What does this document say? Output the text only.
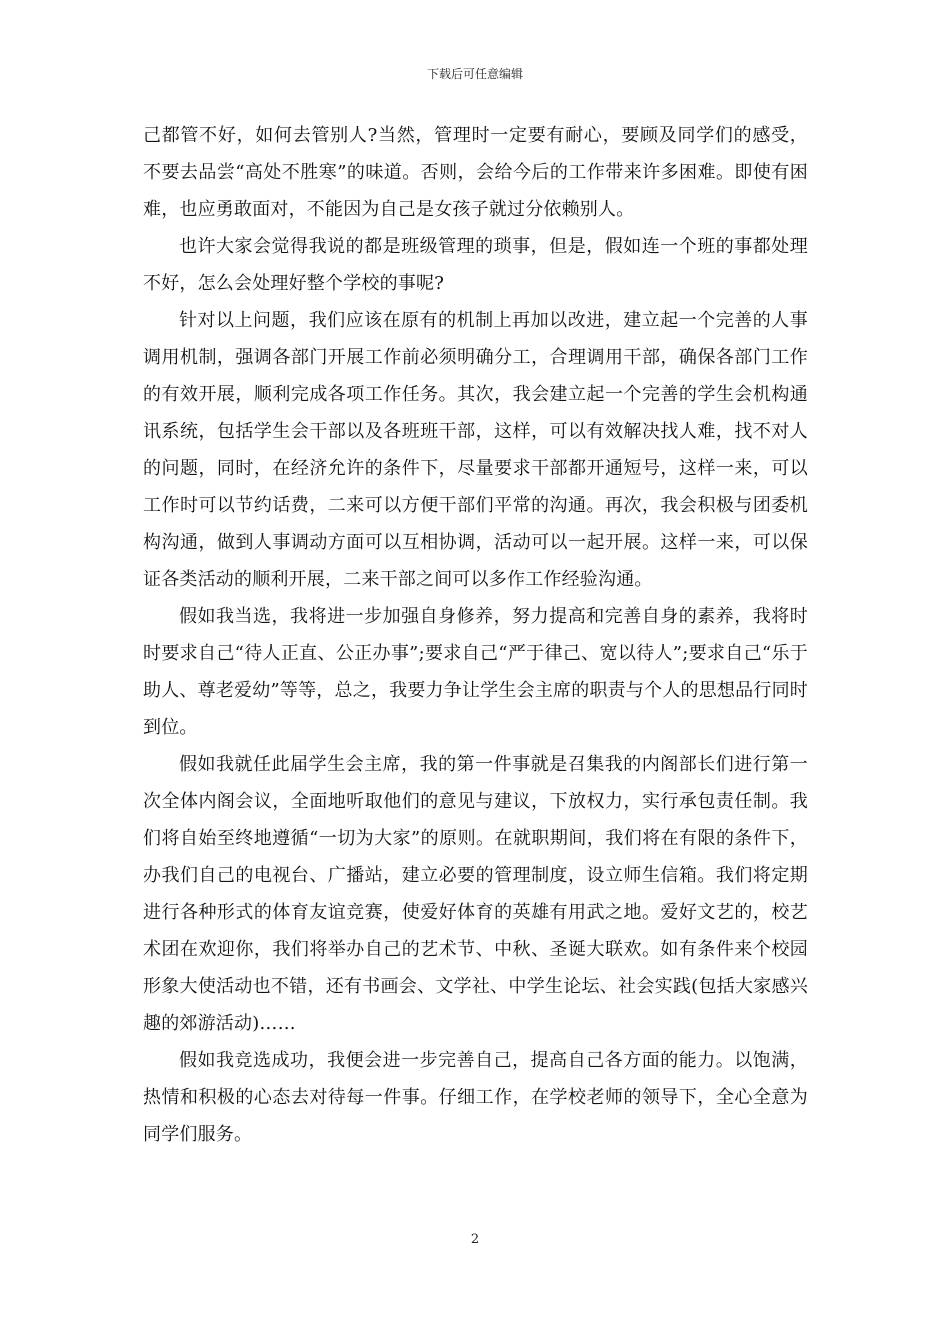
下载后可任意编辑

己都管不好，如何去管别人?当然，管理时一定要有耐心，要顾及同学们的感受，不要去品尝“高处不胜寒”的味道。否则，会给今后的工作带来许多困难。即使有困难，也应勇敢面对，不能因为自己是女孩子就过分依赖别人。

也许大家会觉得我说的都是班级管理的琐事，但是，假如连一个班的事都处理不好，怎么会处理好整个学校的事呢?

针对以上问题，我们应该在原有的机制上再加以改进，建立起一个完善的人事调用机制，强调各部门开展工作前必须明确分工，合理调用干部，确保各部门工作的有效开展，顺利完成各项工作任务。其次，我会建立起一个完善的学生会机构通讯系统，包括学生会干部以及各班班干部，这样，可以有效解决找人难，找不对人的问题，同时，在经济允许的条件下，尽量要求干部都开通短号，这样一来，可以工作时可以节约话费，二来可以方便干部们平常的沟通。再次，我会积极与团委机构沟通，做到人事调动方面可以互相协调，活动可以一起开展。这样一来，可以保证各类活动的顺利开展，二来干部之间可以多作工作经验沟通。

假如我当选，我将进一步加强自身修养，努力提高和完善自身的素养，我将时时要求自己“待人正直、公正办事”;要求自己“严于律己、宽以待人”;要求自己“乐于助人、尊老爱幼”等等，总之，我要力争让学生会主席的职责与个人的思想品行同时到位。

假如我就任此届学生会主席，我的第一件事就是召集我的内阁部长们进行第一次全体内阁会议，全面地听取他们的意见与建议，下放权力，实行承包责任制。我们将自始至终地遵循“一切为大家”的原则。在就职期间，我们将在有限的条件下，办我们自己的电视台、广播站，建立必要的管理制度，设立师生信箱。我们将定期进行各种形式的体育友谊竞赛，使爱好体育的英雄有用武之地。爱好文艺的，校艺术团在欢迎你，我们将举办自己的艺术节、中秋、圣诞大联欢。如有条件来个校园形象大使活动也不错，还有书画会、文学社、中学生论坛、社会实践(包括大家感兴趣的郊游活动)……

假如我竞选成功，我便会进一步完善自己，提高自己各方面的能力。以饱满，热情和积极的心态去对待每一件事。仔细工作，在学校老师的领导下，全心全意为同学们服务。

2
